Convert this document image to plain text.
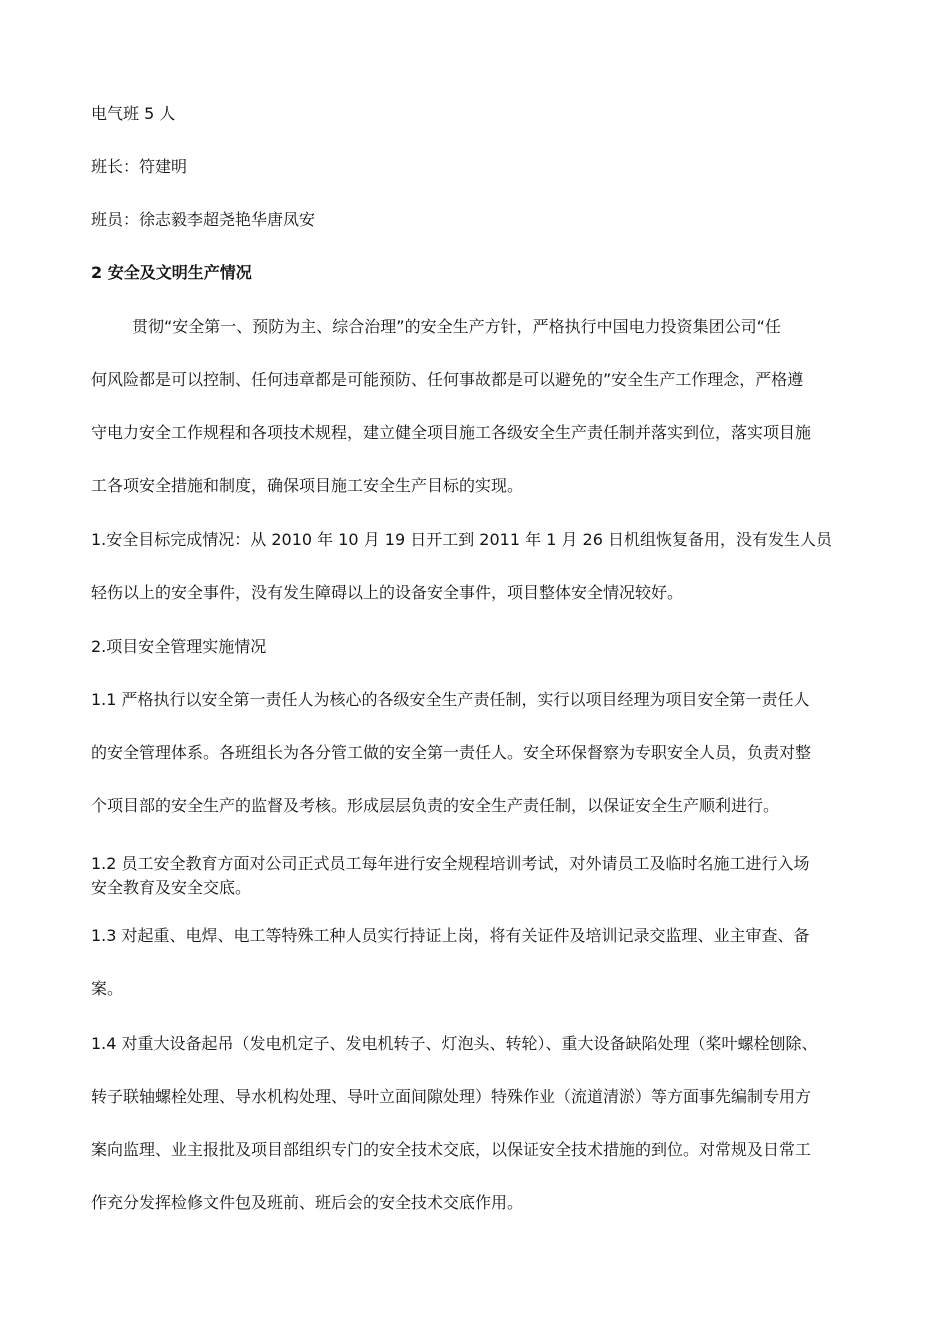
电气班 5 人
班长：符建明
班员：徐志毅李超尧艳华唐凤安
2 安全及文明生产情况
贯彻“安全第一、预防为主、综合治理”的安全生产方针，严格执行中国电力投资集团公司“任
何风险都是可以控制、任何违章都是可能预防、任何事故都是可以避免的”安全生产工作理念，严格遵
守电力安全工作规程和各项技术规程，建立健全项目施工各级安全生产责任制并落实到位，落实项目施
工各项安全措施和制度，确保项目施工安全生产目标的实现。
1.安全目标完成情况：从 2010 年 10 月 19 日开工到 2011 年 1 月 26 日机组恢复备用，没有发生人员
轻伤以上的安全事件，没有发生障碍以上的设备安全事件，项目整体安全情况较好。
2.项目安全管理实施情况
1.1 严格执行以安全第一责任人为核心的各级安全生产责任制，实行以项目经理为项目安全第一责任人
的安全管理体系。各班组长为各分管工做的安全第一责任人。安全环保督察为专职安全人员，负责对整
个项目部的安全生产的监督及考核。形成层层负责的安全生产责任制，以保证安全生产顺利进行。
1.2 员工安全教育方面对公司正式员工每年进行安全规程培训考试，对外请员工及临时名施工进行入场
安全教育及安全交底。
1.3 对起重、电焊、电工等特殊工种人员实行持证上岗，将有关证件及培训记录交监理、业主审查、备
案。
1.4 对重大设备起吊（发电机定子、发电机转子、灯泡头、转轮）、重大设备缺陷处理（桨叶螺栓刨除、
转子联轴螺栓处理、导水机构处理、导叶立面间隙处理）特殊作业（流道清淤）等方面事先编制专用方
案向监理、业主报批及项目部组织专门的安全技术交底，以保证安全技术措施的到位。对常规及日常工
作充分发挥检修文件包及班前、班后会的安全技术交底作用。
